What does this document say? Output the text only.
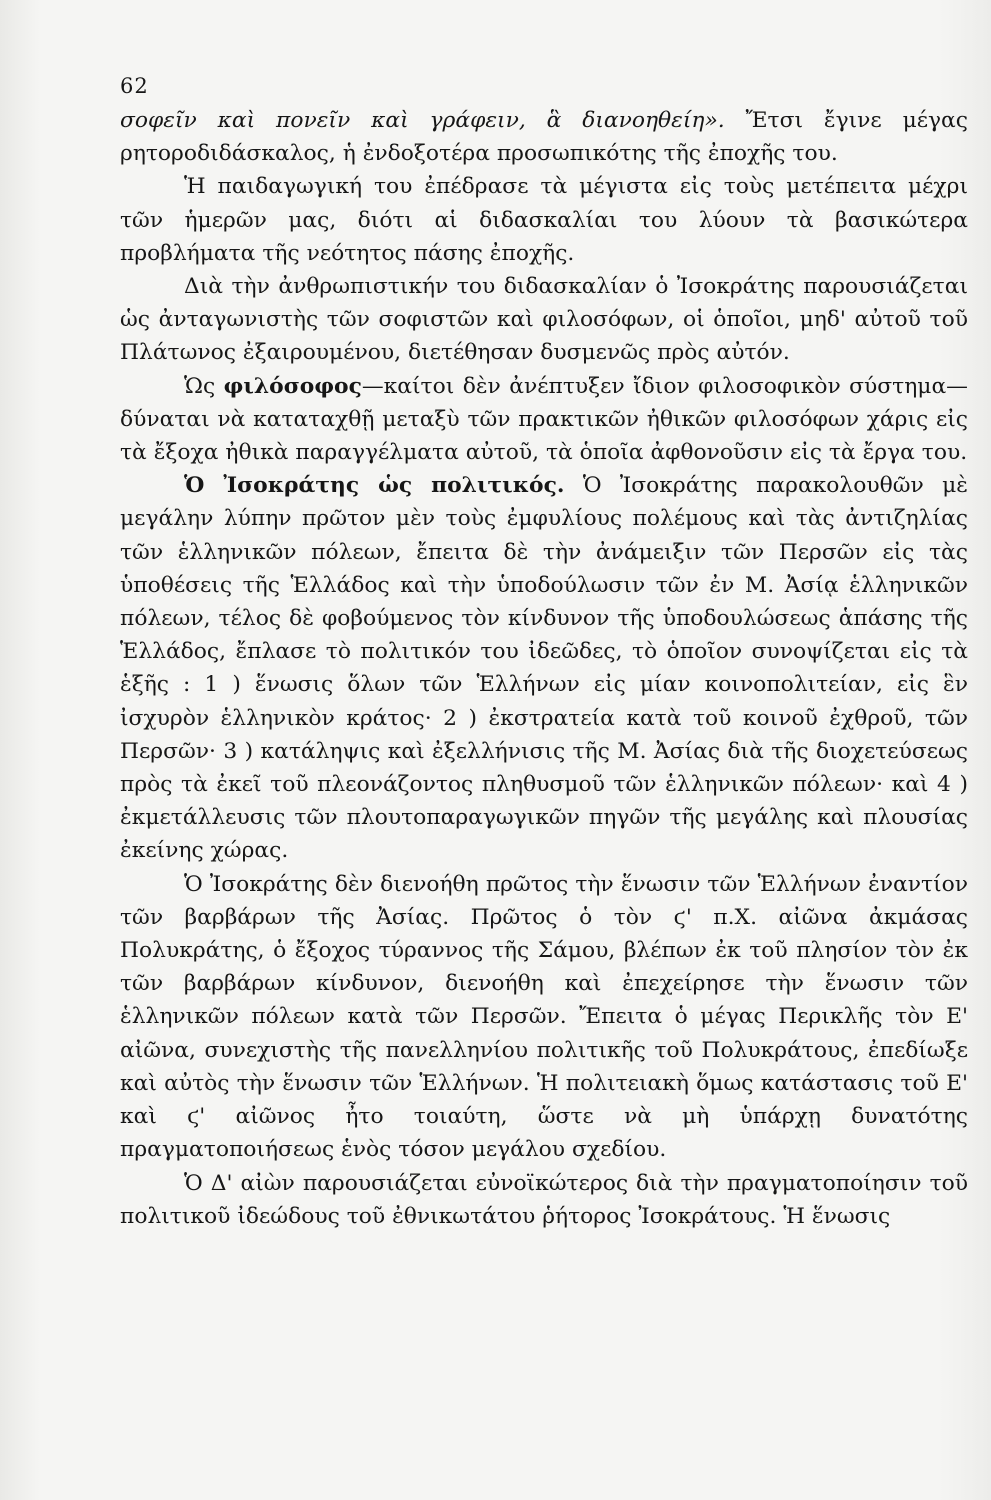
62

σοφεῖν καὶ πονεῖν καὶ γράφειν, ἃ διανοηθείη». Ἔτσι ἔγινε μέγας ρητοροδιδάσκαλος, ἡ ἐνδοξοτέρα προσωπικότης τῆς ἐποχῆς του.

Ἡ παιδαγωγική του ἐπέδρασε τὰ μέγιστα εἰς τοὺς μετέπειτα μέχρι τῶν ἡμερῶν μας, διότι αἱ διδασκαλίαι του λύουν τὰ βασικώτερα προβλήματα τῆς νεότητος πάσης ἐποχῆς.

Διὰ τὴν ἀνθρωπιστικήν του διδασκαλίαν ὁ Ἰσοκράτης παρουσιάζεται ὡς ἀνταγωνιστὴς τῶν σοφιστῶν καὶ φιλοσόφων, οἱ ὁποῖοι, μηδ' αὐτοῦ τοῦ Πλάτωνος ἐξαιρουμένου, διετέθησαν δυσμενῶς πρὸς αὐτόν.

Ὡς φιλόσοφος—καίτοι δὲν ἀνέπτυξεν ἴδιον φιλοσοφικὸν σύστημα—δύναται νὰ καταταχθῇ μεταξὺ τῶν πρακτικῶν ἠθικῶν φιλοσόφων χάρις εἰς τὰ ἔξοχα ἠθικὰ παραγγέλματα αὐτοῦ, τὰ ὁποῖα ἀφθονοῦσιν εἰς τὰ ἔργα του.

Ὁ Ἰσοκράτης ὡς πολιτικός. Ὁ Ἰσοκράτης παρακολουθῶν μὲ μεγάλην λύπην πρῶτον μὲν τοὺς ἐμφυλίους πολέμους καὶ τὰς ἀντιζηλίας τῶν ἑλληνικῶν πόλεων, ἔπειτα δὲ τὴν ἀνάμειξιν τῶν Περσῶν εἰς τὰς ὑποθέσεις τῆς Ἑλλάδος καὶ τὴν ὑποδούλωσιν τῶν ἐν Μ. Ἀσίᾳ ἑλληνικῶν πόλεων, τέλος δὲ φοβούμενος τὸν κίνδυνον τῆς ὑποδουλώσεως ἁπάσης τῆς Ἑλλάδος, ἔπλασε τὸ πολιτικόν του ἰδεῶδες, τὸ ὁποῖον συνοψίζεται εἰς τὰ ἑξῆς : 1 ) ἕνωσις ὅλων τῶν Ἑλλήνων εἰς μίαν κοινοπολιτείαν, εἰς ἓν ἰσχυρὸν ἑλληνικὸν κράτος· 2 ) ἐκστρατεία κατὰ τοῦ κοινοῦ ἐχθροῦ, τῶν Περσῶν· 3 ) κατάληψις καὶ ἐξελλήνισις τῆς Μ. Ἀσίας διὰ τῆς διοχετεύσεως πρὸς τὰ ἐκεῖ τοῦ πλεονάζοντος πληθυσμοῦ τῶν ἑλληνικῶν πόλεων· καὶ 4 ) ἐκμετάλλευσις τῶν πλουτοπαραγωγικῶν πηγῶν τῆς μεγάλης καὶ πλουσίας ἐκείνης χώρας.

Ὁ Ἰσοκράτης δὲν διενοήθη πρῶτος τὴν ἕνωσιν τῶν Ἑλλήνων ἐναντίον τῶν βαρβάρων τῆς Ἀσίας. Πρῶτος ὁ τὸν ϛ' π.Χ. αἰῶνα ἀκμάσας Πολυκράτης, ὁ ἔξοχος τύραννος τῆς Σάμου, βλέπων ἐκ τοῦ πλησίον τὸν ἐκ τῶν βαρβάρων κίνδυνον, διενοήθη καὶ ἐπεχείρησε τὴν ἕνωσιν τῶν ἑλληνικῶν πόλεων κατὰ τῶν Περσῶν. Ἔπειτα ὁ μέγας Περικλῆς τὸν Ε' αἰῶνα, συνεχιστὴς τῆς πανελληνίου πολιτικῆς τοῦ Πολυκράτους, ἐπεδίωξε καὶ αὐτὸς τὴν ἕνωσιν τῶν Ἑλλήνων. Ἡ πολιτειακὴ ὅμως κατάστασις τοῦ Ε' καὶ ϛ' αἰῶνος ἦτο τοιαύτη, ὥστε νὰ μὴ ὑπάρχῃ δυνατότης πραγματοποιήσεως ἑνὸς τόσον μεγάλου σχεδίου.

Ὁ Δ' αἰὼν παρουσιάζεται εὐνοϊκώτερος διὰ τὴν πραγματοποίησιν τοῦ πολιτικοῦ ἰδεώδους τοῦ ἐθνικωτάτου ῥήτορος Ἰσοκράτους. Ἡ ἕνωσις
